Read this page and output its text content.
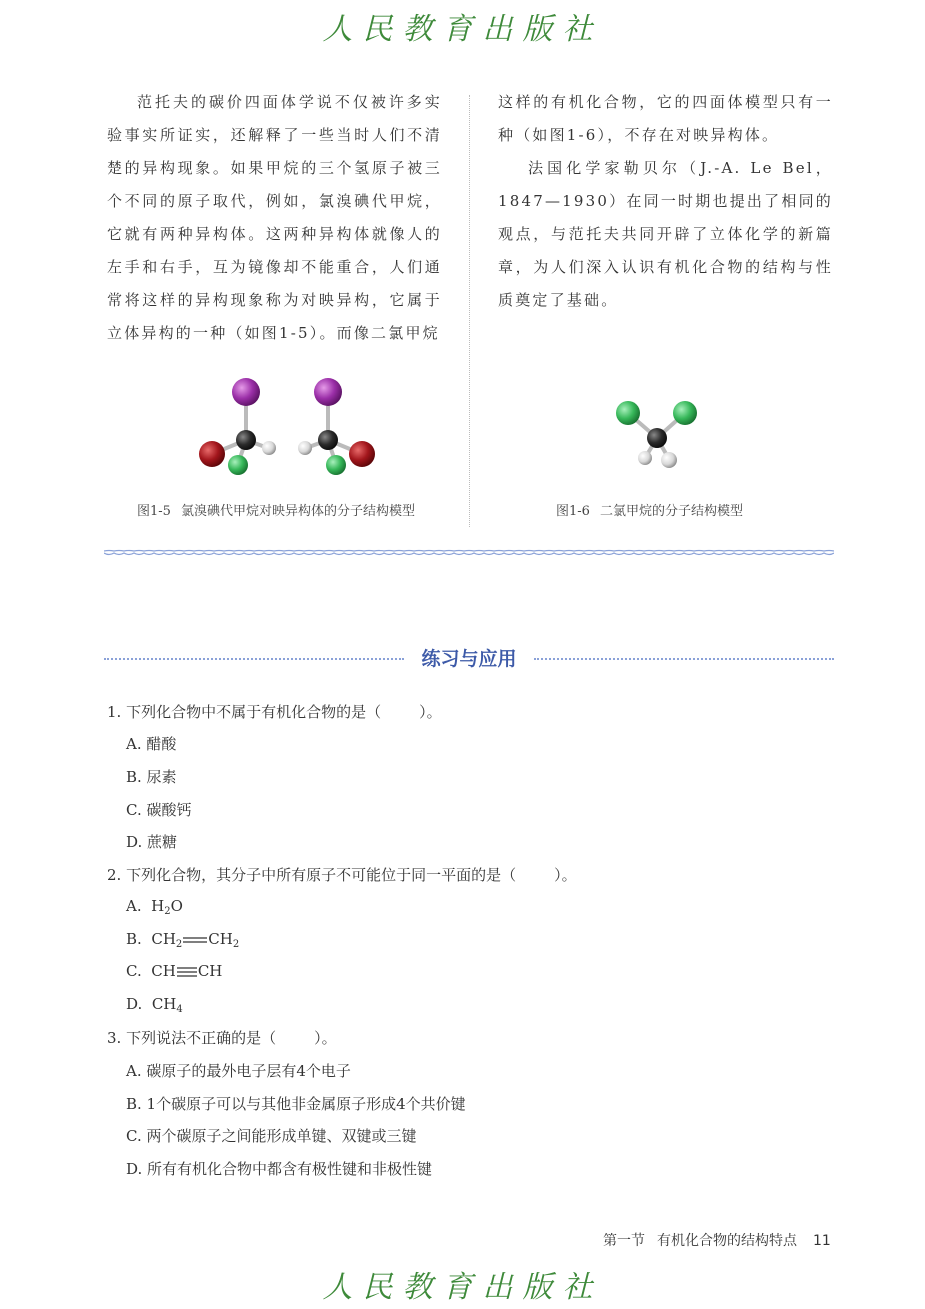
人民教育出版社

范托夫的碳价四面体学说不仅被许多实验事实所证实，还解释了一些当时人们不清楚的异构现象。如果甲烷的三个氢原子被三个不同的原子取代，例如，氯溴碘代甲烷，它就有两种异构体。这两种异构体就像人的左手和右手，互为镜像却不能重合，人们通常将这样的异构现象称为对映异构，它属于立体异构的一种（如图1-5）。而像二氯甲烷

这样的有机化合物，它的四面体模型只有一种（如图1-6），不存在对映异构体。

法国化学家勒贝尔（J.-A. Le Bel，1847—1930）在同一时期也提出了相同的观点，与范托夫共同开辟了立体化学的新篇章，为人们深入认识有机化合物的结构与性质奠定了基础。

图1-5 氯溴碘代甲烷对映异构体的分子结构模型	图1-6 二氯甲烷的分子结构模型
练习与应用
1. 下列化合物中不属于有机化合物的是（	）。
A. 醋酸
B. 尿素
C. 碳酸钙
D. 蔗糖
2. 下列化合物，其分子中所有原子不可能位于同一平面的是（	）。
A. $H_2O$
B. $CH_2$ $CH_2$
C. CH CH
D. $CH_4$
3. 下列说法不正确的是（	）。
A. 碳原子的最外电子层有4个电子
B. 1个碳原子可以与其他非金属原子形成4个共价键
C. 两个碳原子之间能形成单键、双键或三键
D. 所有有机化合物中都含有极性键和非极性键
第一节 有机化合物的结构特点 11
人民教育出版社
